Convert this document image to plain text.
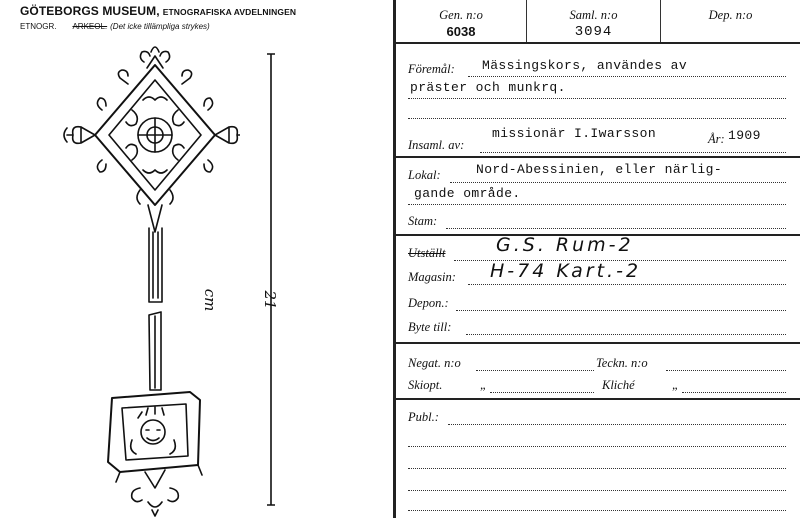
GÖTEBORGS MUSEUM, ETNOGRAFISKA AVDELNINGEN
ETNOGR. ARKEOL. (Det icke tillämpliga strykes)
21 cm
Gen. n:o
6038
Saml. n:o
3094
Dep. n:o
Föremål: Mässingskors, användes av
präster och munkrq.
Insaml. av:
missionär I.Iwarsson	År: 1909
Lokal:	Nord-Abessinien, eller närlig-
gande område.
Stam:
Utställt	G.S. Rum-2
Magasin: H-74 Kart.-2
Depon.:
Byte till:
Negat. n:o	Teckn. n:o
Skiopt.	„	Kliché	„
Publ.:
